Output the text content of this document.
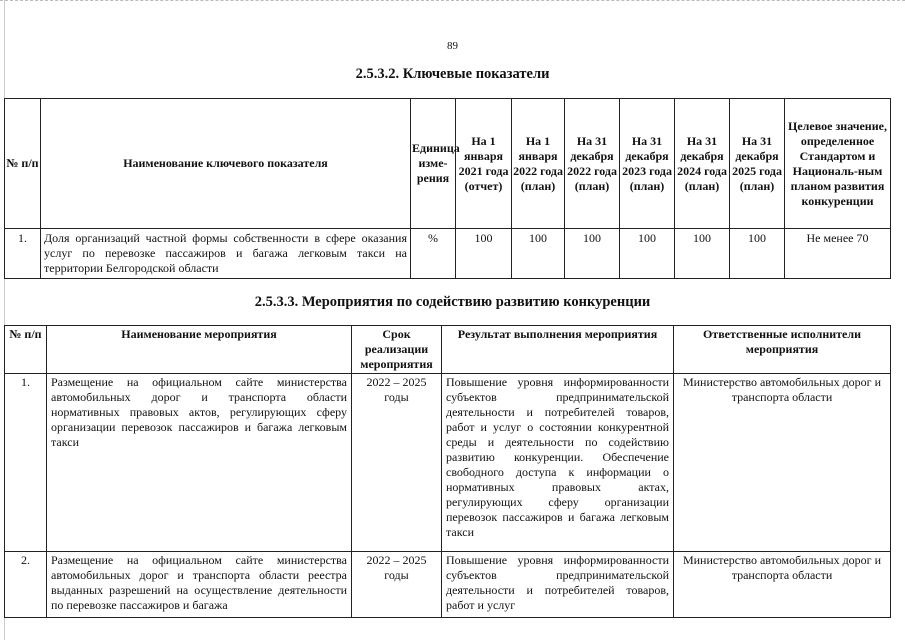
89
2.5.3.2. Ключевые показатели
№ п/п	Наименование ключевого показателя	Единица изме-рения	На 1 января 2021 года (отчет)	На 1 января 2022 года (план)	На 31 декабря 2022 года (план)	На 31 декабря 2023 года (план)	На 31 декабря 2024 года (план)	На 31 декабря 2025 года (план)	Целевое значение, определенное Стандартом и Националь-ным планом развития конкуренции
1.	Доля организаций частной формы собственности в сфере оказания услуг по перевозке пассажиров и багажа легковым такси на территории Белгородской области	%	100	100	100	100	100	100	Не менее 70
2.5.3.3. Мероприятия по содействию развитию конкуренции
№ п/п	Наименование мероприятия	Срок реализации мероприятия	Результат выполнения мероприятия	Ответственные исполнители мероприятия
1.	Размещение на официальном сайте министерства автомобильных дорог и транспорта области нормативных правовых актов, регулирующих сферу организации перевозок пассажиров и багажа легковым такси	2022 – 2025 годы	Повышение уровня информированности субъектов предпринимательской деятельности и потребителей товаров, работ и услуг о состоянии конкурентной среды и деятельности по содействию развитию конкуренции. Обеспечение свободного доступа к информации о нормативных правовых актах, регулирующих сферу организации перевозок пассажиров и багажа легковым такси	Министерство автомобильных дорог и транспорта области
2.	Размещение на официальном сайте министерства автомобильных дорог и транспорта области реестра выданных разрешений на осуществление деятельности по перевозке пассажиров и багажа	2022 – 2025 годы	Повышение уровня информированности субъектов предпринимательской деятельности и потребителей товаров, работ и услуг	Министерство автомобильных дорог и транспорта области
